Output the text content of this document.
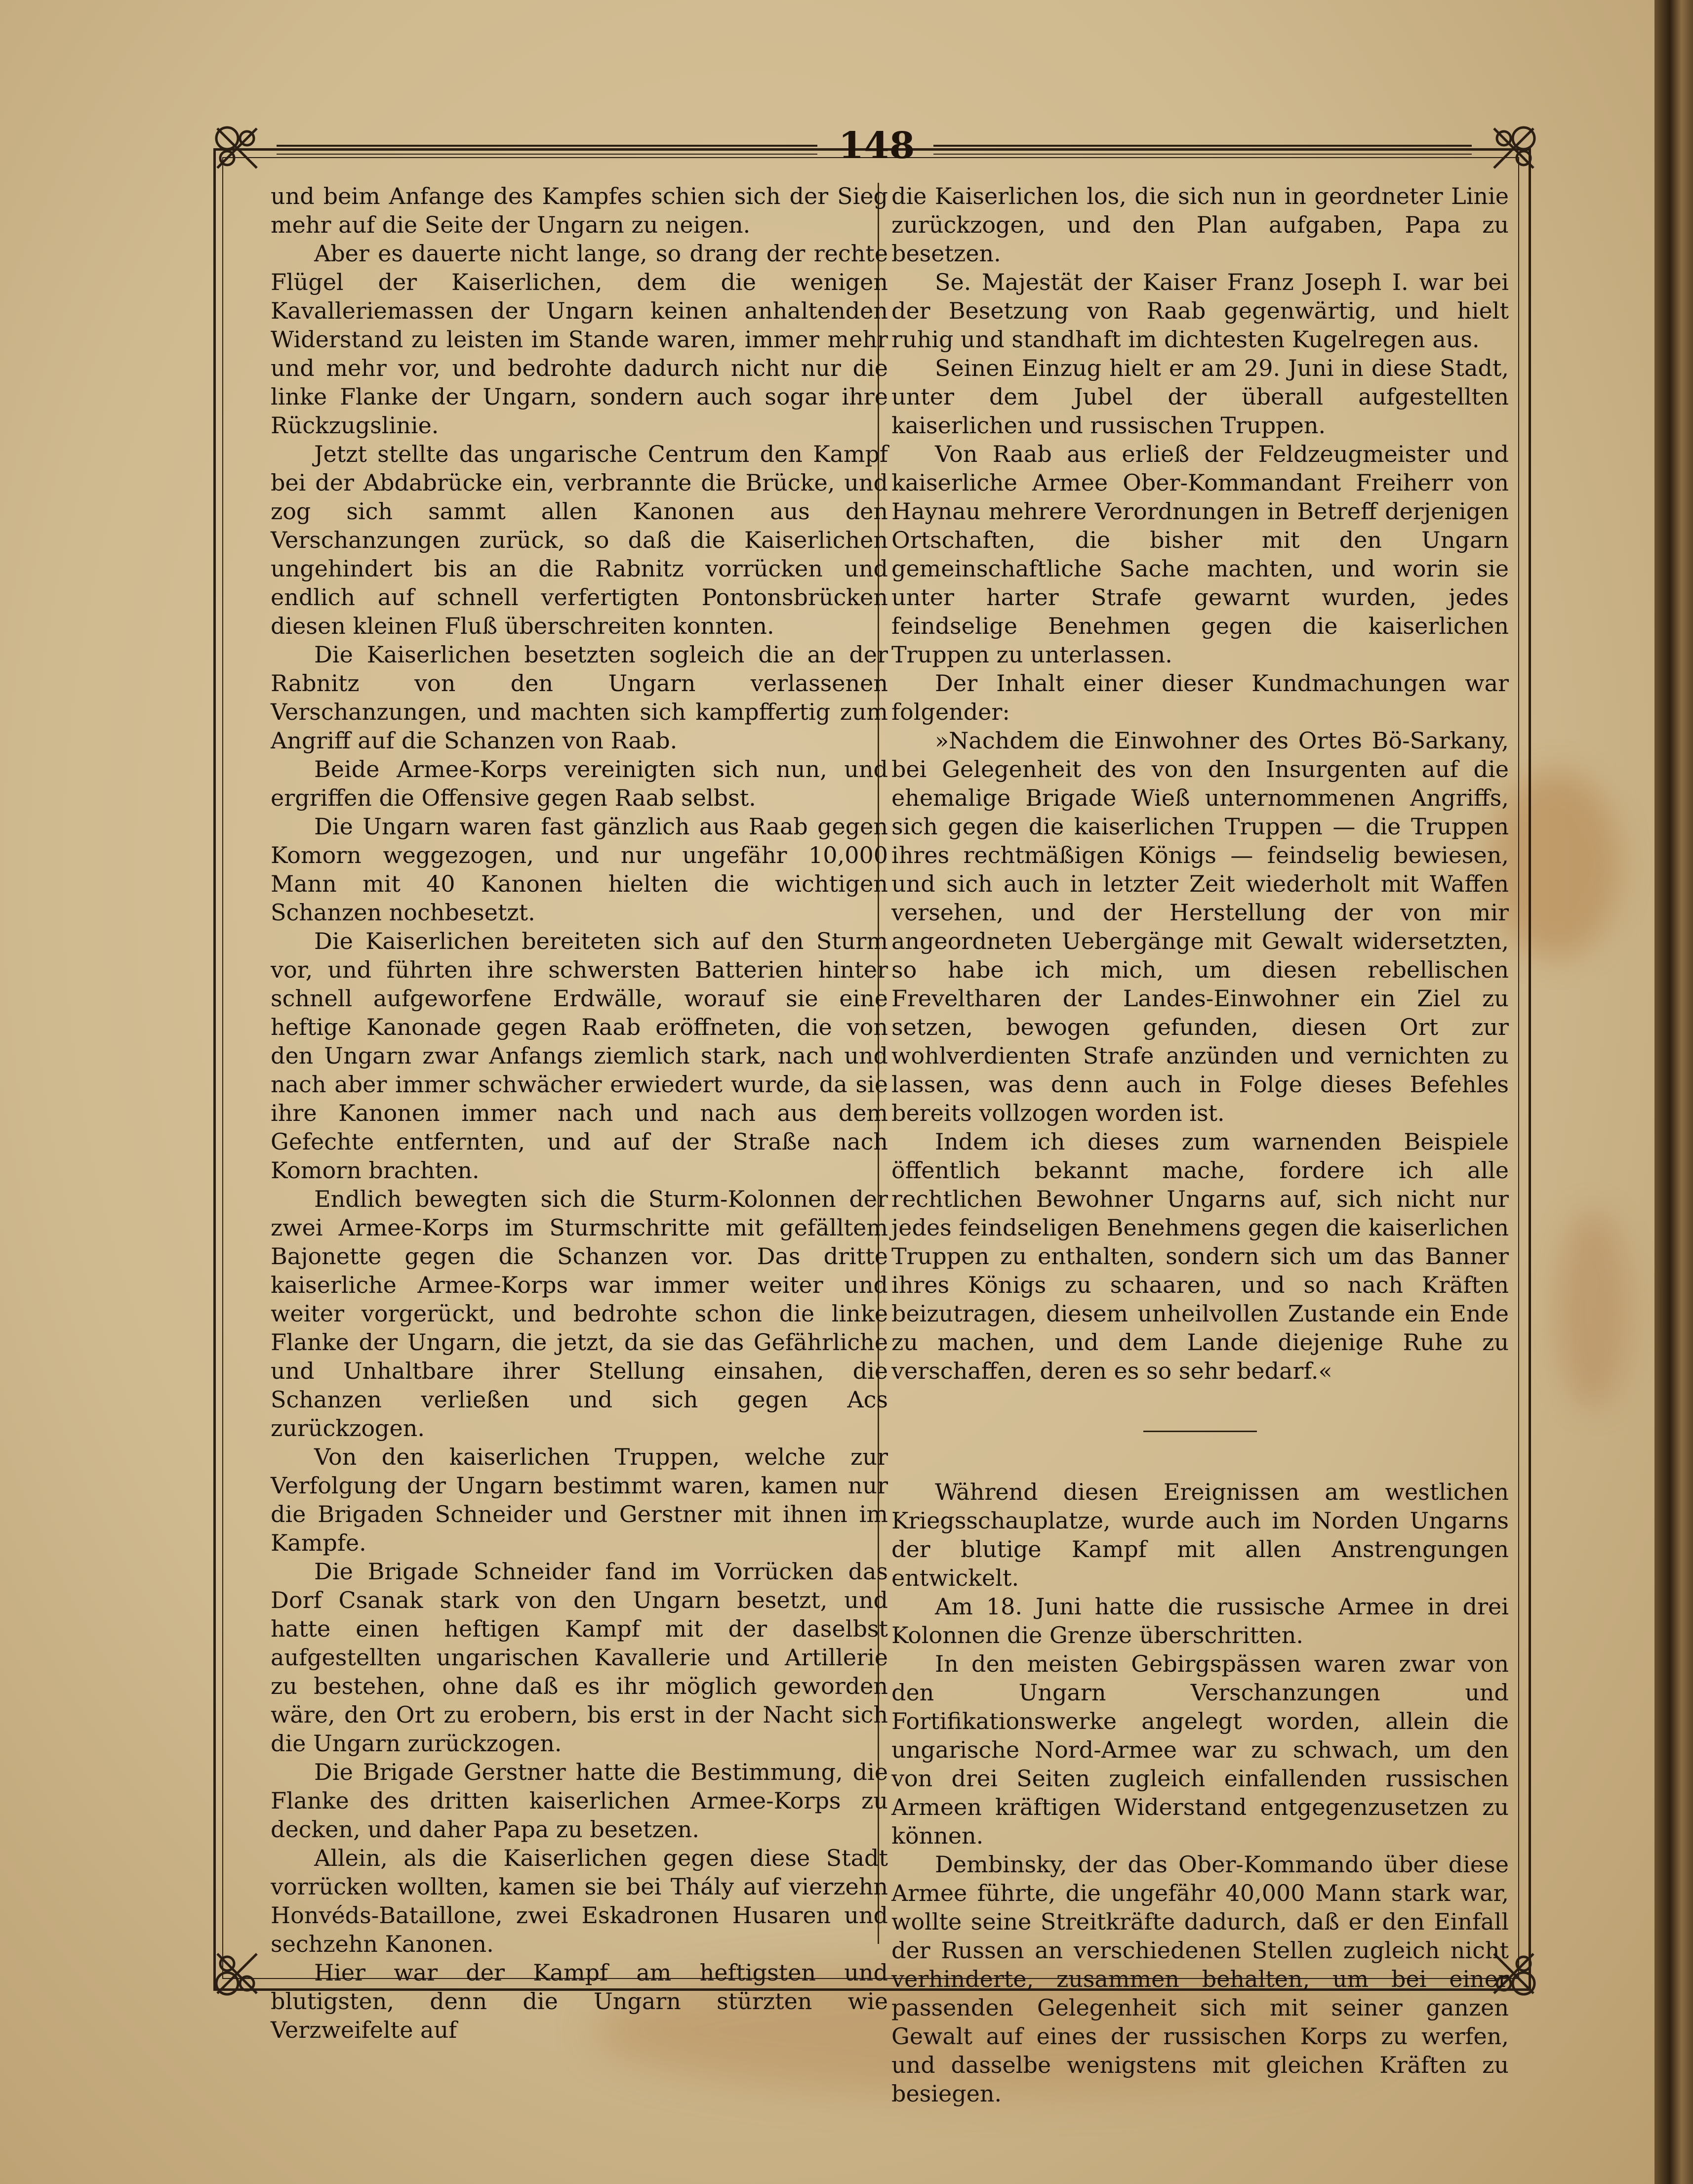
148

und beim Anfange des Kampfes schien sich der Sieg mehr auf die Seite der Ungarn zu neigen.

Aber es dauerte nicht lange, so drang der rechte Flügel der Kaiserlichen, dem die wenigen Kavalleriemassen der Ungarn keinen anhaltenden Widerstand zu leisten im Stande waren, immer mehr und mehr vor, und bedrohte dadurch nicht nur die linke Flanke der Ungarn, sondern auch sogar ihre Rückzugslinie.

Jetzt stellte das ungarische Centrum den Kampf bei der Abdabrücke ein, verbrannte die Brücke, und zog sich sammt allen Kanonen aus den Verschanzungen zurück, so daß die Kaiserlichen ungehindert bis an die Rabnitz vorrücken und endlich auf schnell verfertigten Pontonsbrücken diesen kleinen Fluß überschreiten konnten.

Die Kaiserlichen besetzten sogleich die an der Rabnitz von den Ungarn verlassenen Verschanzungen, und machten sich kampffertig zum Angriff auf die Schanzen von Raab.

Beide Armee-Korps vereinigten sich nun, und ergriffen die Offensive gegen Raab selbst.

Die Ungarn waren fast gänzlich aus Raab gegen Komorn weggezogen, und nur ungefähr 10,000 Mann mit 40 Kanonen hielten die wichtigen Schanzen nochbesetzt.

Die Kaiserlichen bereiteten sich auf den Sturm vor, und führten ihre schwersten Batterien hinter schnell aufgeworfene Erdwälle, worauf sie eine heftige Kanonade gegen Raab eröffneten, die von den Ungarn zwar Anfangs ziemlich stark, nach und nach aber immer schwächer erwiedert wurde, da sie ihre Kanonen immer nach und nach aus dem Gefechte entfernten, und auf der Straße nach Komorn brachten.

Endlich bewegten sich die Sturm-Kolonnen der zwei Armee-Korps im Sturmschritte mit gefälltem Bajonette gegen die Schanzen vor. Das dritte kaiserliche Armee-Korps war immer weiter und weiter vorgerückt, und bedrohte schon die linke Flanke der Ungarn, die jetzt, da sie das Gefährliche und Unhaltbare ihrer Stellung einsahen, die Schanzen verließen und sich gegen Acs zurückzogen.

Von den kaiserlichen Truppen, welche zur Verfolgung der Ungarn bestimmt waren, kamen nur die Brigaden Schneider und Gerstner mit ihnen im Kampfe.

Die Brigade Schneider fand im Vorrücken das Dorf Csanak stark von den Ungarn besetzt, und hatte einen heftigen Kampf mit der daselbst aufgestellten ungarischen Kavallerie und Artillerie zu bestehen, ohne daß es ihr möglich geworden wäre, den Ort zu erobern, bis erst in der Nacht sich die Ungarn zurückzogen.

Die Brigade Gerstner hatte die Bestimmung, die Flanke des dritten kaiserlichen Armee-Korps zu decken, und daher Papa zu besetzen.

Allein, als die Kaiserlichen gegen diese Stadt vorrücken wollten, kamen sie bei Thály auf vierzehn Honvéds-Bataillone, zwei Eskadronen Husaren und sechzehn Kanonen.

Hier war der Kampf am heftigsten und blutigsten, denn die Ungarn stürzten wie Verzweifelte auf

die Kaiserlichen los, die sich nun in geordneter Linie zurückzogen, und den Plan aufgaben, Papa zu besetzen.

Se. Majestät der Kaiser Franz Joseph I. war bei der Besetzung von Raab gegenwärtig, und hielt ruhig und standhaft im dichtesten Kugelregen aus.

Seinen Einzug hielt er am 29. Juni in diese Stadt, unter dem Jubel der überall aufgestellten kaiserlichen und russischen Truppen.

Von Raab aus erließ der Feldzeugmeister und kaiserliche Armee Ober-Kommandant Freiherr von Haynau mehrere Verordnungen in Betreff derjenigen Ortschaften, die bisher mit den Ungarn gemeinschaftliche Sache machten, und worin sie unter harter Strafe gewarnt wurden, jedes feindselige Benehmen gegen die kaiserlichen Truppen zu unterlassen.

Der Inhalt einer dieser Kundmachungen war folgender:

»Nachdem die Einwohner des Ortes Bö-Sarkany, bei Gelegenheit des von den Insurgenten auf die ehemalige Brigade Wieß unternommenen Angriffs, sich gegen die kaiserlichen Truppen — die Truppen ihres rechtmäßigen Königs — feindselig bewiesen, und sich auch in letzter Zeit wiederholt mit Waffen versehen, und der Herstellung der von mir angeordneten Uebergänge mit Gewalt widersetzten, so habe ich mich, um diesen rebellischen Freveltharen der Landes-Einwohner ein Ziel zu setzen, bewogen gefunden, diesen Ort zur wohlverdienten Strafe anzünden und vernichten zu lassen, was denn auch in Folge dieses Befehles bereits vollzogen worden ist.

Indem ich dieses zum warnenden Beispiele öffentlich bekannt mache, fordere ich alle rechtlichen Bewohner Ungarns auf, sich nicht nur jedes feindseligen Benehmens gegen die kaiserlichen Truppen zu enthalten, sondern sich um das Banner ihres Königs zu schaaren, und so nach Kräften beizutragen, diesem unheilvollen Zustande ein Ende zu machen, und dem Lande diejenige Ruhe zu verschaffen, deren es so sehr bedarf.«

Während diesen Ereignissen am westlichen Kriegsschauplatze, wurde auch im Norden Ungarns der blutige Kampf mit allen Anstrengungen entwickelt.

Am 18. Juni hatte die russische Armee in drei Kolonnen die Grenze überschritten.

In den meisten Gebirgspässen waren zwar von den Ungarn Verschanzungen und Fortifikationswerke angelegt worden, allein die ungarische Nord-Armee war zu schwach, um den von drei Seiten zugleich einfallenden russischen Armeen kräftigen Widerstand entgegenzusetzen zu können.

Dembinsky, der das Ober-Kommando über diese Armee führte, die ungefähr 40,000 Mann stark war, wollte seine Streitkräfte dadurch, daß er den Einfall der Russen an verschiedenen Stellen zugleich nicht verhinderte, zusammen behalten, um bei einer passenden Gelegenheit sich mit seiner ganzen Gewalt auf eines der russischen Korps zu werfen, und dasselbe wenigstens mit gleichen Kräften zu besiegen.
